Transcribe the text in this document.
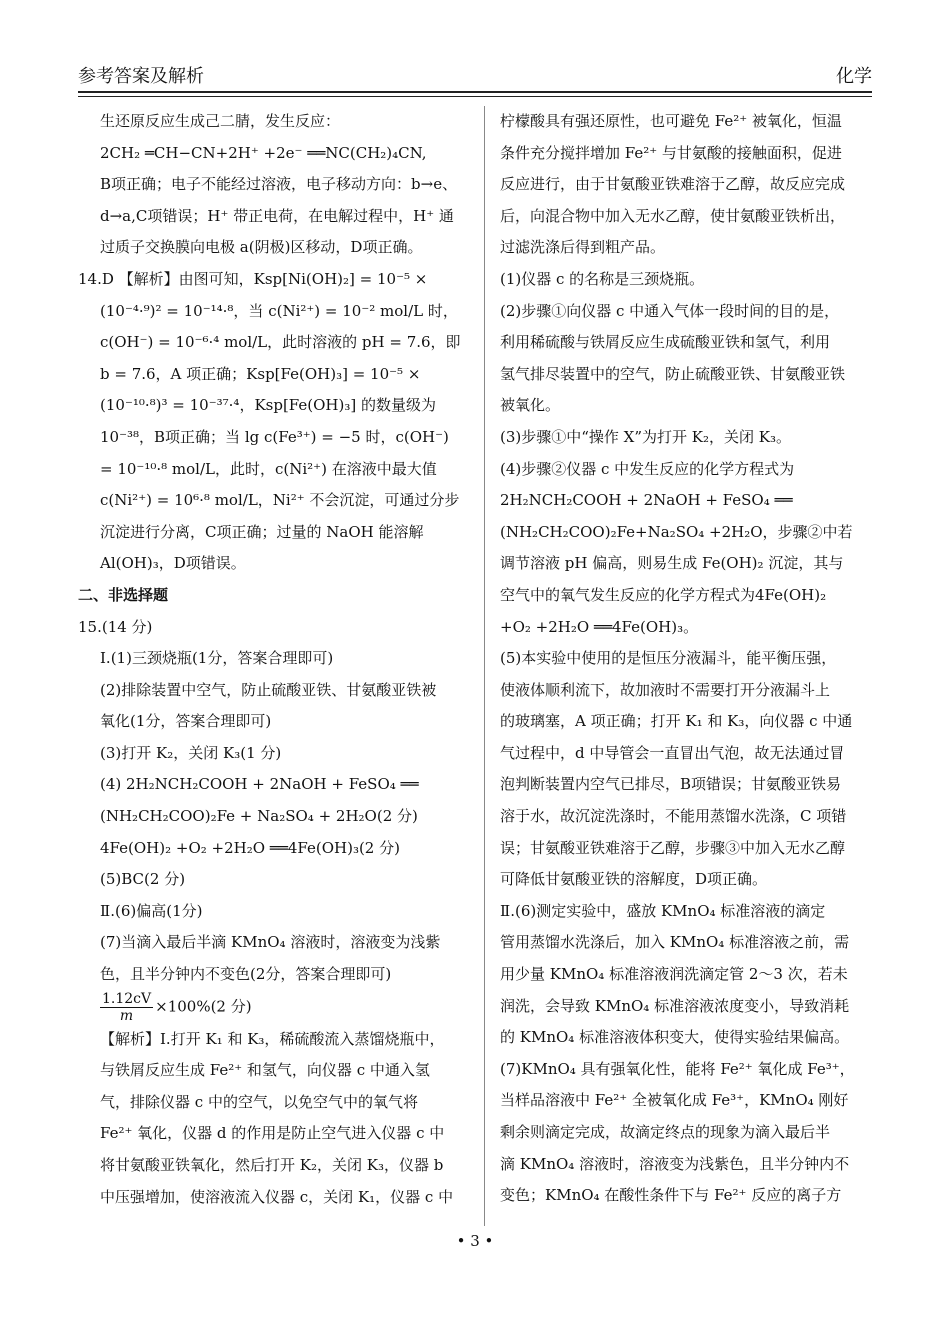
参考答案及解析	化学

生还原反应生成己二腈，发生反应：

2CH₂ ═CH−CN+2H⁺ +2e⁻ ══NC(CH₂)₄CN,

B项正确；电子不能经过溶液，电子移动方向：b→e、

d→a,C项错误；H⁺ 带正电荷，在电解过程中，H⁺ 通

过质子交换膜向电极 a(阴极)区移动，D项正确。

14.D 【解析】由图可知，Ksp[Ni(OH)₂] = 10⁻⁵ ×

(10⁻⁴·⁹)² = 10⁻¹⁴·⁸，当 c(Ni²⁺) = 10⁻² mol/L 时，

c(OH⁻) = 10⁻⁶·⁴ mol/L，此时溶液的 pH = 7.6，即

b = 7.6，A 项正确；Ksp[Fe(OH)₃] = 10⁻⁵ ×

(10⁻¹⁰·⁸)³ = 10⁻³⁷·⁴，Ksp[Fe(OH)₃] 的数量级为

10⁻³⁸，B项正确；当 lg c(Fe³⁺) = −5 时，c(OH⁻)

= 10⁻¹⁰·⁸ mol/L，此时，c(Ni²⁺) 在溶液中最大值

c(Ni²⁺) = 10⁶·⁸ mol/L，Ni²⁺ 不会沉淀，可通过分步

沉淀进行分离，C项正确；过量的 NaOH 能溶解

Al(OH)₃，D项错误。

二、非选择题

15.(14 分)

Ⅰ.(1)三颈烧瓶(1分，答案合理即可)

(2)排除装置中空气，防止硫酸亚铁、甘氨酸亚铁被

氧化(1分，答案合理即可)

(3)打开 K₂，关闭 K₃(1 分)

(4) 2H₂NCH₂COOH + 2NaOH + FeSO₄ ══

(NH₂CH₂COO)₂Fe + Na₂SO₄ + 2H₂O(2 分)

4Fe(OH)₂ +O₂ +2H₂O ══4Fe(OH)₃(2 分)

(5)BC(2 分)

Ⅱ.(6)偏高(1分)

(7)当滴入最后半滴 KMnO₄ 溶液时，溶液变为浅紫

色，且半分钟内不变色(2分，答案合理即可)

$\frac{1.12cV}{m} \times 100\%(2$ 分)

【解析】Ⅰ.打开 K₁ 和 K₃，稀硫酸流入蒸馏烧瓶中，

与铁屑反应生成 Fe²⁺ 和氢气，向仪器 c 中通入氢

气，排除仪器 c 中的空气，以免空气中的氧气将

Fe²⁺ 氧化，仪器 d 的作用是防止空气进入仪器 c 中

将甘氨酸亚铁氧化，然后打开 K₂，关闭 K₃，仪器 b

中压强增加，使溶液流入仪器 c，关闭 K₁，仪器 c 中

柠檬酸具有强还原性，也可避免 Fe²⁺ 被氧化，恒温

条件充分搅拌增加 Fe²⁺ 与甘氨酸的接触面积，促进

反应进行，由于甘氨酸亚铁难溶于乙醇，故反应完成

后，向混合物中加入无水乙醇，使甘氨酸亚铁析出，

过滤洗涤后得到粗产品。

(1)仪器 c 的名称是三颈烧瓶。

(2)步骤①向仪器 c 中通入气体一段时间的目的是，

利用稀硫酸与铁屑反应生成硫酸亚铁和氢气，利用

氢气排尽装置中的空气，防止硫酸亚铁、甘氨酸亚铁

被氧化。

(3)步骤①中“操作 X”为打开 K₂，关闭 K₃。

(4)步骤②仪器 c 中发生反应的化学方程式为

2H₂NCH₂COOH + 2NaOH + FeSO₄ ══

(NH₂CH₂COO)₂Fe+Na₂SO₄ +2H₂O，步骤②中若

调节溶液 pH 偏高，则易生成 Fe(OH)₂ 沉淀，其与

空气中的氧气发生反应的化学方程式为4Fe(OH)₂

+O₂ +2H₂O ══4Fe(OH)₃。

(5)本实验中使用的是恒压分液漏斗，能平衡压强，

使液体顺利流下，故加液时不需要打开分液漏斗上

的玻璃塞，A 项正确；打开 K₁ 和 K₃，向仪器 c 中通

气过程中，d 中导管会一直冒出气泡，故无法通过冒

泡判断装置内空气已排尽，B项错误；甘氨酸亚铁易

溶于水，故沉淀洗涤时，不能用蒸馏水洗涤，C 项错

误；甘氨酸亚铁难溶于乙醇，步骤③中加入无水乙醇

可降低甘氨酸亚铁的溶解度，D项正确。

Ⅱ.(6)测定实验中，盛放 KMnO₄ 标准溶液的滴定

管用蒸馏水洗涤后，加入 KMnO₄ 标准溶液之前，需

用少量 KMnO₄ 标准溶液润洗滴定管 2～3 次，若未

润洗，会导致 KMnO₄ 标准溶液浓度变小，导致消耗

的 KMnO₄ 标准溶液体积变大，使得实验结果偏高。

(7)KMnO₄ 具有强氧化性，能将 Fe²⁺ 氧化成 Fe³⁺，

当样品溶液中 Fe²⁺ 全被氧化成 Fe³⁺，KMnO₄ 刚好

剩余则滴定完成，故滴定终点的现象为滴入最后半

滴 KMnO₄ 溶液时，溶液变为浅紫色，且半分钟内不

变色；KMnO₄ 在酸性条件下与 Fe²⁺ 反应的离子方

• 3 •
